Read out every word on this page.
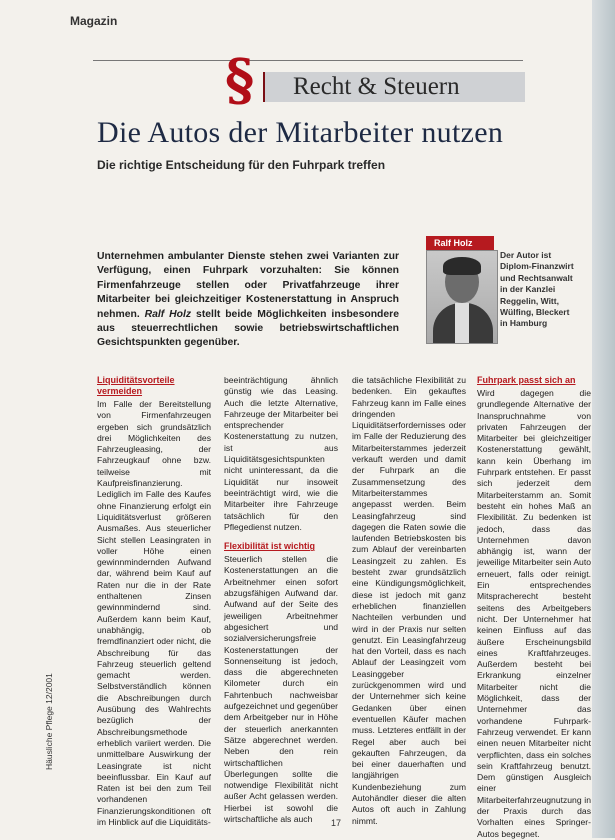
Magazin
§	Recht & Steuern
Die Autos der Mitarbeiter nutzen
Die richtige Entscheidung für den Fuhrpark treffen
Unternehmen ambulanter Dienste stehen zwei Varianten zur Verfügung, einen Fuhrpark vorzuhalten: Sie können Firmenfahrzeuge stellen oder Privatfahrzeuge ihrer Mitarbeiter bei gleichzeitiger Kostenerstattung in Anspruch nehmen. Ralf Holz stellt beide Möglichkeiten insbesondere aus steuerrechtlichen sowie betriebswirtschaftlichen Gesichtspunkten gegenüber.
Ralf Holz
Der Autor ist Diplom-Finanzwirt und Rechtsanwalt in der Kanzlei Reggelin, Witt, Wülfing, Bleckert in Hamburg
Liquiditätsvorteile vermeiden

Im Falle der Bereitstellung von Firmenfahrzeugen ergeben sich grundsätzlich drei Möglichkeiten des Fahrzeugleasing, der Fahrzeugkauf ohne bzw. teilweise mit Kaufpreisfinanzierung. Lediglich im Falle des Kaufes ohne Finanzierung erfolgt ein Liquiditätsverlust größeren Ausmaßes. Aus steuerlicher Sicht stellen Leasingraten in voller Höhe einen gewinnmindernden Aufwand dar, während beim Kauf auf Raten nur die in der Rate enthaltenen Zinsen gewinnmindernd sind. Außerdem kann beim Kauf, unabhängig, ob fremdfinanziert oder nicht, die Abschreibung für das Fahrzeug steuerlich geltend gemacht werden. Selbstverständlich können die Abschreibungen durch Ausübung des Wahlrechts bezüglich der Abschreibungsmethode erheblich variiert werden. Die unmittelbare Auswirkung der Leasingrate ist nicht beeinflussbar. Ein Kauf auf Raten ist bei den zum Teil vorhandenen Finanzierungskonditionen oft im Hinblick auf die Liquiditäts-

beeinträchtigung ähnlich günstig wie das Leasing. Auch die letzte Alternative, Fahrzeuge der Mitarbeiter bei entsprechender Kostenerstattung zu nutzen, ist aus Liquiditätsgesichtspunkten nicht uninteressant, da die Liquidität nur insoweit beeinträchtigt wird, wie die Mitarbeiter ihre Fahrzeuge tatsächlich für den Pflegedienst nutzen.

Flexibilität ist wichtig

Steuerlich stellen die Kostenerstattungen an die Arbeitnehmer einen sofort abzugsfähigen Aufwand dar. Aufwand auf der Seite des jeweiligen Arbeitnehmer abgesichert und sozialversicherungsfreie Kostenerstattungen der Sonnenseitung ist jedoch, dass die abgerechneten Kilometer durch ein Fahrtenbuch nachweisbar aufgezeichnet und gegenüber dem Arbeitgeber nur in Höhe der steuerlich anerkannten Sätze abgerechnet werden. Neben den rein wirtschaftlichen Überlegungen sollte die notwendige Flexibilität nicht außer Acht gelassen werden. Hierbei ist sowohl die wirtschaftliche als auch

die tatsächliche Flexibilität zu bedenken. Ein gekauftes Fahrzeug kann im Falle eines dringenden Liquiditätserfordernisses oder im Falle der Reduzierung des Mitarbeiterstammes jederzeit verkauft werden und damit der Fuhrpark an die Zusammensetzung des Mitarbeiterstammes angepasst werden. Beim Leasingfahrzeug sind dagegen die Raten sowie die laufenden Betriebskosten bis zum Ablauf der vereinbarten Leasingzeit zu zahlen. Es besteht zwar grundsätzlich eine Kündigungsmöglichkeit, diese ist jedoch mit ganz erheblichen finanziellen Nachteilen verbunden und wird in der Praxis nur selten genutzt. Ein Leasingfahrzeug hat den Vorteil, dass es nach Ablauf der Leasingzeit vom Leasinggeber zurückgenommen wird und der Unternehmer sich keine Gedanken über einen eventuellen Käufer machen muss. Letzteres entfällt in der Regel aber auch bei gekauften Fahrzeugen, da bei einer dauerhaften und langjährigen Kundenbeziehung zum Autohändler dieser die alten Autos oft auch in Zahlung nimmt.

Fuhrpark passt sich an

Wird dagegen die grundlegende Alternative der Inanspruchnahme von privaten Fahrzeugen der Mitarbeiter bei gleichzeitiger Kostenerstattung gewählt, kann kein Überhang im Fuhrpark entstehen. Er passt sich jederzeit dem Mitarbeiterstamm an. Somit besteht ein hohes Maß an Flexibilität. Zu bedenken ist jedoch, dass das Unternehmen davon abhängig ist, wann der jeweilige Mitarbeiter sein Auto erneuert, falls oder reinigt. Ein entsprechendes Mitspracherecht besteht seitens des Arbeitgebers nicht. Der Unternehmer hat keinen Einfluss auf das äußere Erscheinungsbild eines Kraftfahrzeuges. Außerdem besteht bei Erkrankung einzelner Mitarbeiter nicht die Möglichkeit, dass der Unternehmer das vorhandene Fuhrpark-Fahrzeug verwendet. Er kann einen neuen Mitarbeiter nicht verpflichten, dass ein solches sein Kraftfahrzeug benutzt. Dem günstigen Ausgleich einer Mitarbeiterfahrzeugnutzung in der Praxis durch das Vorhalten eines Springer-Autos begegnet.

Häusliche Pflege 12/2001
17
